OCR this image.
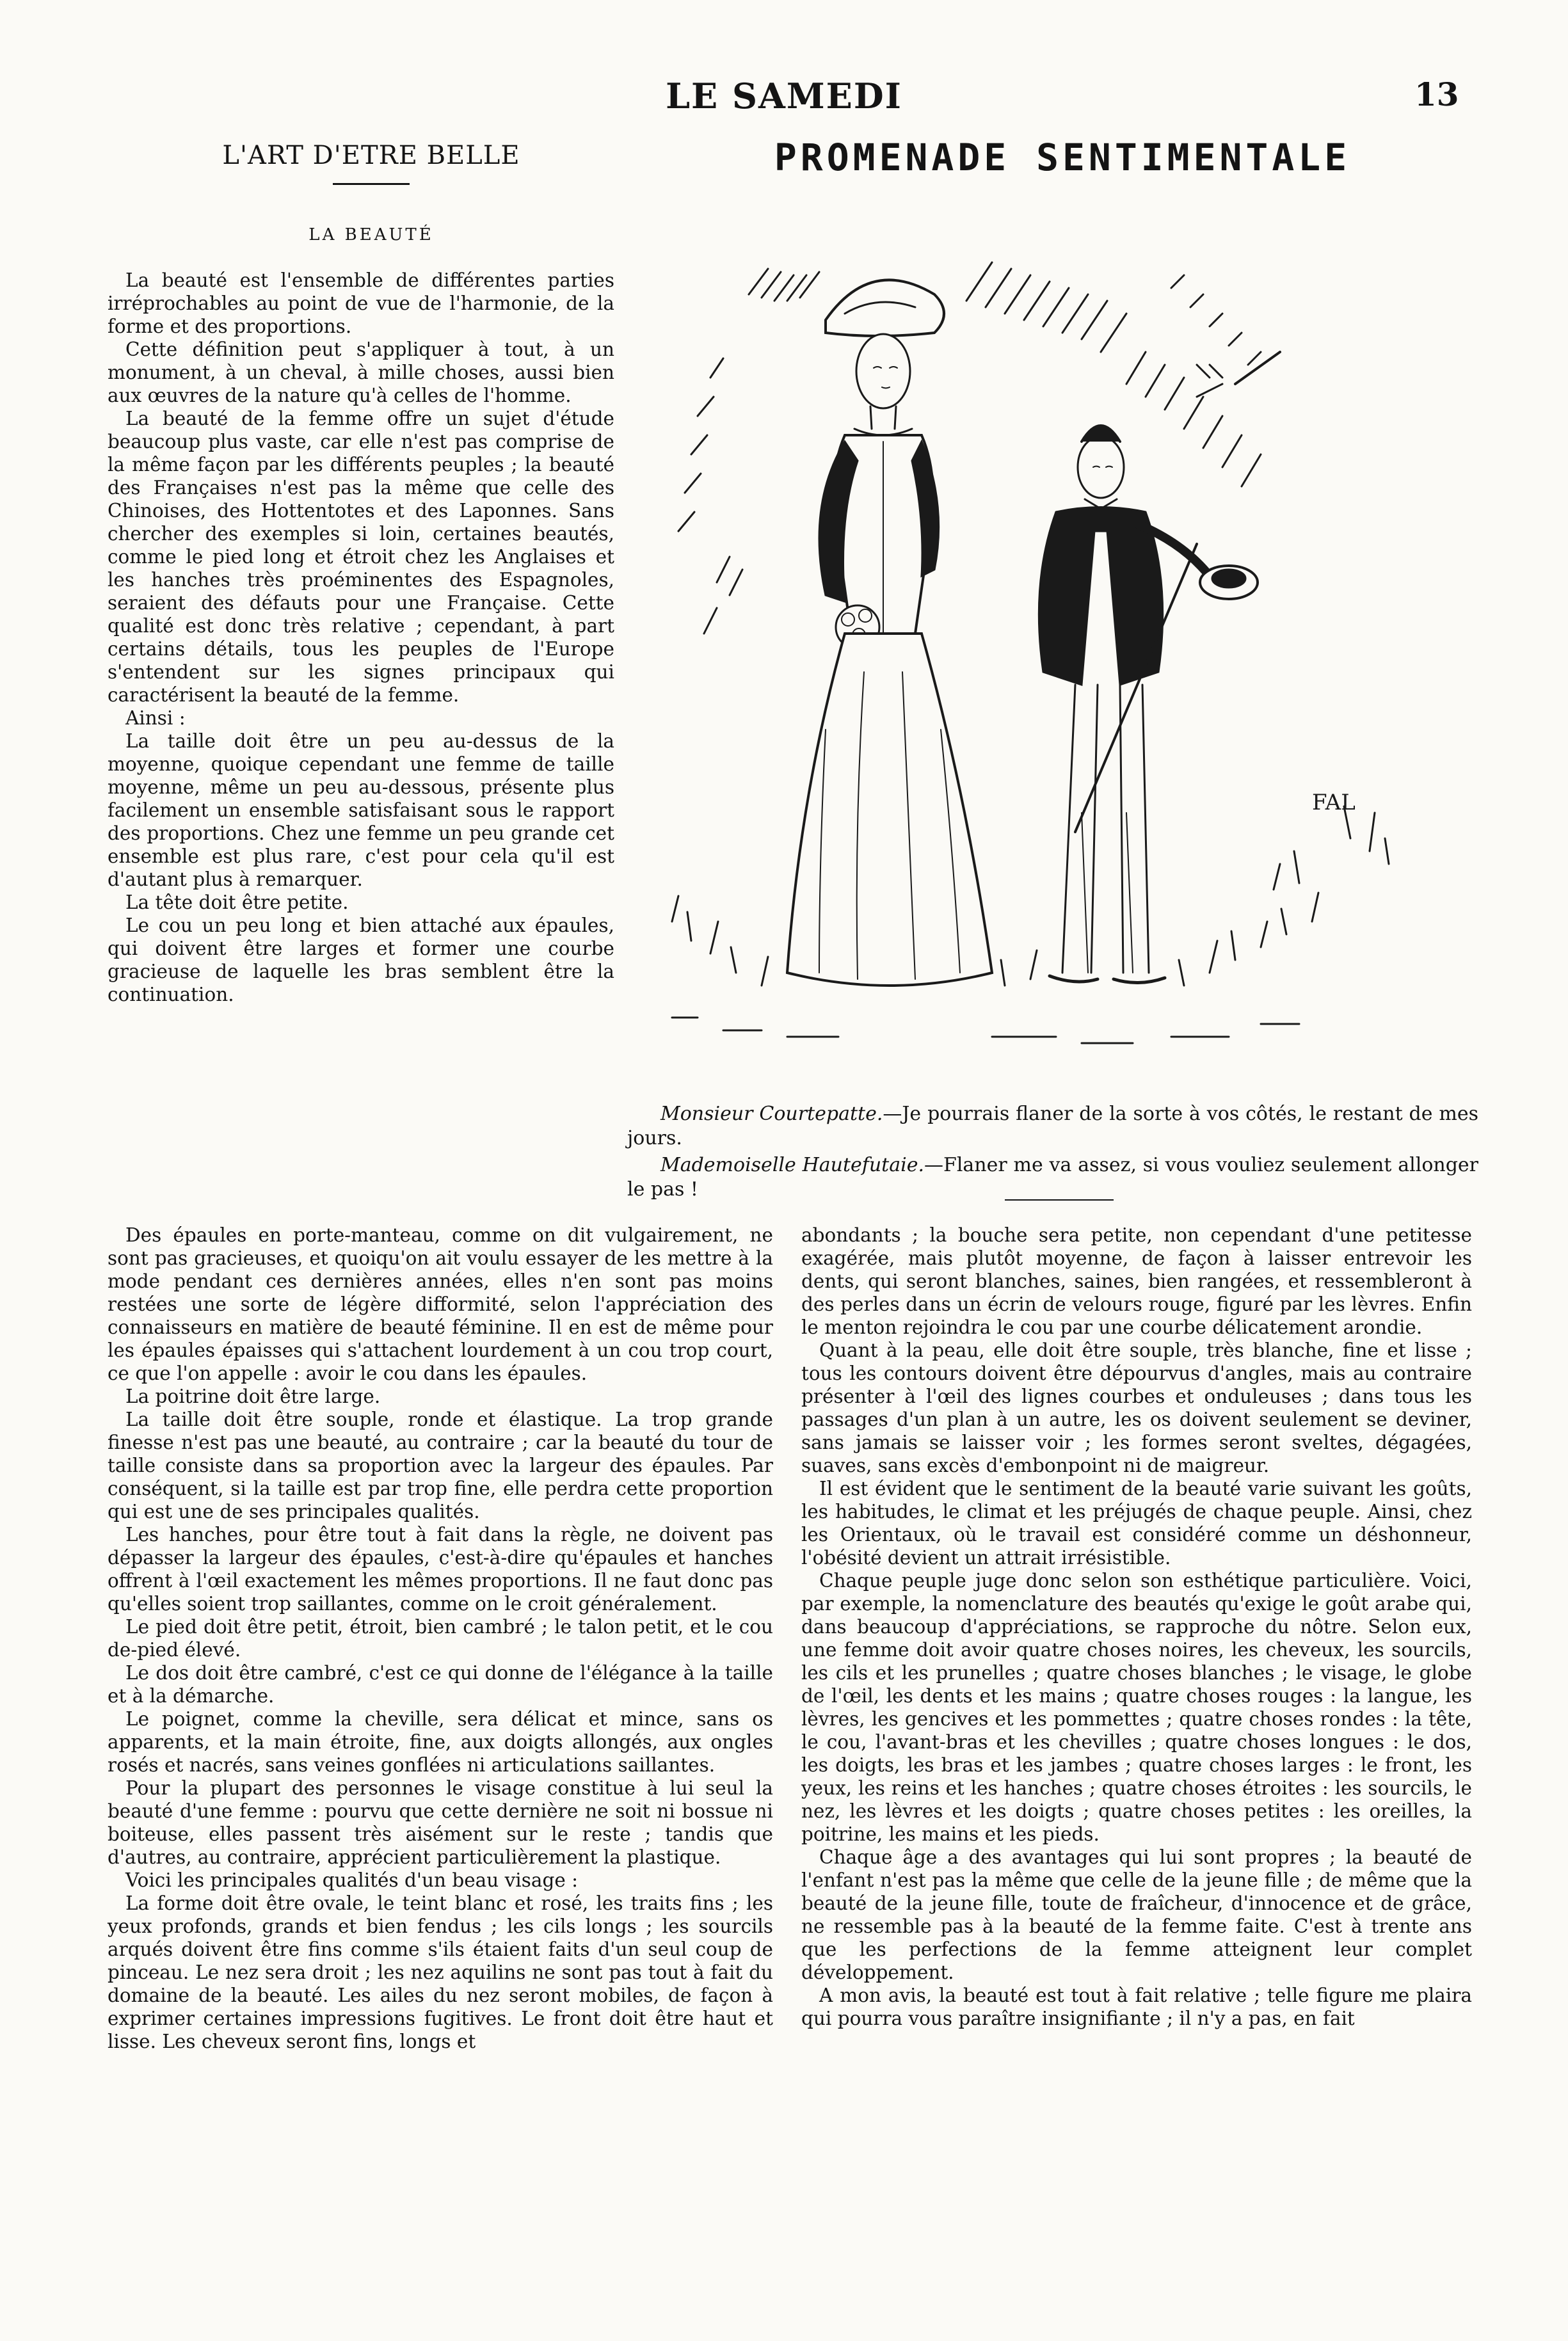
LE SAMEDI	13
L'ART D'ETRE BELLE
LA BEAUTÉ
PROMENADE SENTIMENTALE

La beauté est l'ensemble de différentes parties irréprochables au point de vue de l'harmonie, de la forme et des proportions.

Cette définition peut s'appliquer à tout, à un monument, à un cheval, à mille choses, aussi bien aux œuvres de la nature qu'à celles de l'homme.

La beauté de la femme offre un sujet d'étude beaucoup plus vaste, car elle n'est pas comprise de la même façon par les différents peuples ; la beauté des Françaises n'est pas la même que celle des Chinoises, des Hottentotes et des Laponnes. Sans chercher des exemples si loin, certaines beautés, comme le pied long et étroit chez les Anglaises et les hanches très proéminentes des Espagnoles, seraient des défauts pour une Française. Cette qualité est donc très relative ; cependant, à part certains détails, tous les peuples de l'Europe s'entendent sur les signes principaux qui caractérisent la beauté de la femme.

Ainsi :

La taille doit être un peu au-dessus de la moyenne, quoique cependant une femme de taille moyenne, même un peu au-dessous, présente plus facilement un ensemble satisfaisant sous le rapport des proportions. Chez une femme un peu grande cet ensemble est plus rare, c'est pour cela qu'il est d'autant plus à remarquer.

La tête doit être petite.

Le cou un peu long et bien attaché aux épaules, qui doivent être larges et former une courbe gracieuse de laquelle les bras semblent être la continuation.

FAL

Monsieur Courtepatte.—Je pourrais flaner de la sorte à vos côtés, le restant de mes jours.

Mademoiselle Hautefutaie.—Flaner me va assez, si vous vouliez seulement allonger le pas !

Des épaules en porte-manteau, comme on dit vulgairement, ne sont pas gracieuses, et quoiqu'on ait voulu essayer de les mettre à la mode pendant ces dernières années, elles n'en sont pas moins restées une sorte de légère difformité, selon l'appréciation des connaisseurs en matière de beauté féminine. Il en est de même pour les épaules épaisses qui s'attachent lourdement à un cou trop court, ce que l'on appelle : avoir le cou dans les épaules.

La poitrine doit être large.

La taille doit être souple, ronde et élastique. La trop grande finesse n'est pas une beauté, au contraire ; car la beauté du tour de taille consiste dans sa proportion avec la largeur des épaules. Par conséquent, si la taille est par trop fine, elle perdra cette proportion qui est une de ses principales qualités.

Les hanches, pour être tout à fait dans la règle, ne doivent pas dépasser la largeur des épaules, c'est-à-dire qu'épaules et hanches offrent à l'œil exactement les mêmes proportions. Il ne faut donc pas qu'elles soient trop saillantes, comme on le croit généralement.

Le pied doit être petit, étroit, bien cambré ; le talon petit, et le cou de-pied élevé.

Le dos doit être cambré, c'est ce qui donne de l'élégance à la taille et à la démarche.

Le poignet, comme la cheville, sera délicat et mince, sans os apparents, et la main étroite, fine, aux doigts allongés, aux ongles rosés et nacrés, sans veines gonflées ni articulations saillantes.

Pour la plupart des personnes le visage constitue à lui seul la beauté d'une femme : pourvu que cette dernière ne soit ni bossue ni boiteuse, elles passent très aisément sur le reste ; tandis que d'autres, au contraire, apprécient particulièrement la plastique.

Voici les principales qualités d'un beau visage :

La forme doit être ovale, le teint blanc et rosé, les traits fins ; les yeux profonds, grands et bien fendus ; les cils longs ; les sourcils arqués doivent être fins comme s'ils étaient faits d'un seul coup de pinceau. Le nez sera droit ; les nez aquilins ne sont pas tout à fait du domaine de la beauté. Les ailes du nez seront mobiles, de façon à exprimer certaines impressions fugitives. Le front doit être haut et lisse. Les cheveux seront fins, longs et

abondants ; la bouche sera petite, non cependant d'une petitesse exagérée, mais plutôt moyenne, de façon à laisser entrevoir les dents, qui seront blanches, saines, bien rangées, et ressembleront à des perles dans un écrin de velours rouge, figuré par les lèvres. Enfin le menton rejoindra le cou par une courbe délicatement arondie.

Quant à la peau, elle doit être souple, très blanche, fine et lisse ; tous les contours doivent être dépourvus d'angles, mais au contraire présenter à l'œil des lignes courbes et onduleuses ; dans tous les passages d'un plan à un autre, les os doivent seulement se deviner, sans jamais se laisser voir ; les formes seront sveltes, dégagées, suaves, sans excès d'embonpoint ni de maigreur.

Il est évident que le sentiment de la beauté varie suivant les goûts, les habitudes, le climat et les préjugés de chaque peuple. Ainsi, chez les Orientaux, où le travail est considéré comme un déshonneur, l'obésité devient un attrait irrésistible.

Chaque peuple juge donc selon son esthétique particulière. Voici, par exemple, la nomenclature des beautés qu'exige le goût arabe qui, dans beaucoup d'appréciations, se rapproche du nôtre. Selon eux, une femme doit avoir quatre choses noires, les cheveux, les sourcils, les cils et les prunelles ; quatre choses blanches ; le visage, le globe de l'œil, les dents et les mains ; quatre choses rouges : la langue, les lèvres, les gencives et les pommettes ; quatre choses rondes : la tête, le cou, l'avant-bras et les chevilles ; quatre choses longues : le dos, les doigts, les bras et les jambes ; quatre choses larges : le front, les yeux, les reins et les hanches ; quatre choses étroites : les sourcils, le nez, les lèvres et les doigts ; quatre choses petites : les oreilles, la poitrine, les mains et les pieds.

Chaque âge a des avantages qui lui sont propres ; la beauté de l'enfant n'est pas la même que celle de la jeune fille ; de même que la beauté de la jeune fille, toute de fraîcheur, d'innocence et de grâce, ne ressemble pas à la beauté de la femme faite. C'est à trente ans que les perfections de la femme atteignent leur complet développement.

A mon avis, la beauté est tout à fait relative ; telle figure me plaira qui pourra vous paraître insignifiante ; il n'y a pas, en fait
